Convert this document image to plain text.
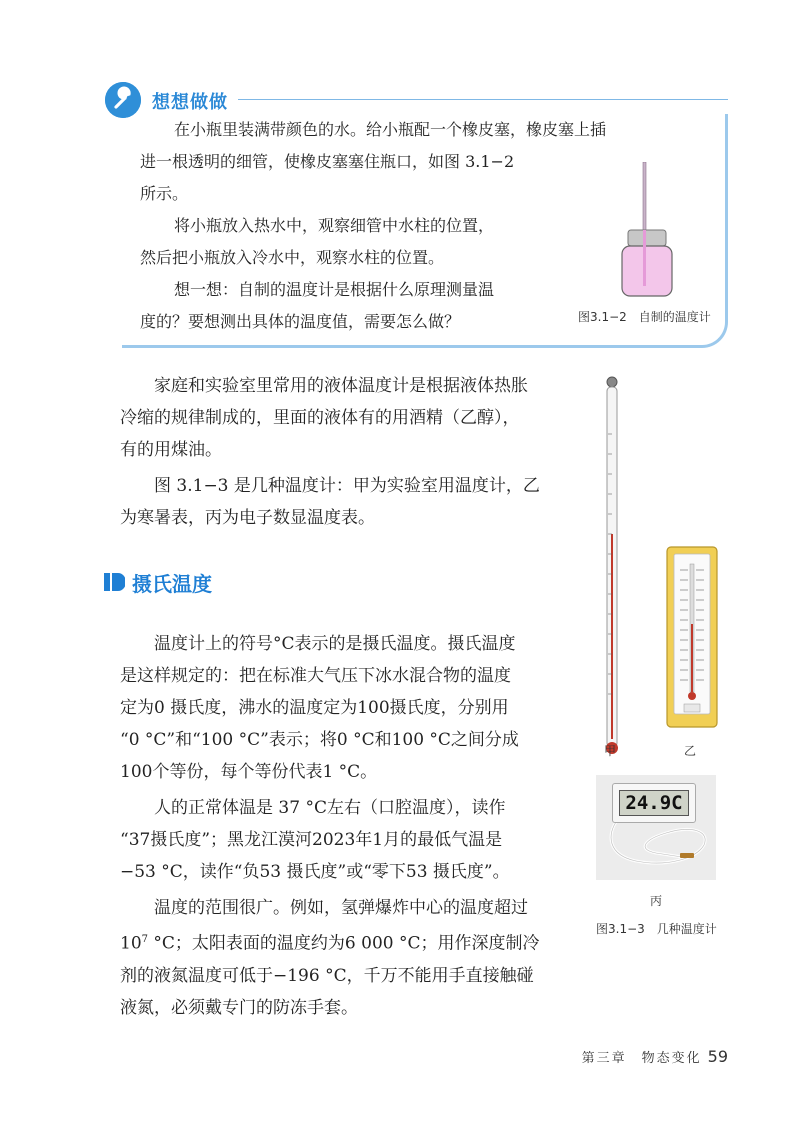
想想做做

在小瓶里装满带颜色的水。给小瓶配一个橡皮塞，橡皮塞上插

进一根透明的细管，使橡皮塞塞住瓶口，如图 3.1−2

所示。

将小瓶放入热水中，观察细管中水柱的位置，

然后把小瓶放入冷水中，观察水柱的位置。

想一想：自制的温度计是根据什么原理测量温

度的？要想测出具体的温度值，需要怎么做？	图3.1−2　自制的温度计

家庭和实验室里常用的液体温度计是根据液体热胀

冷缩的规律制成的，里面的液体有的用酒精（乙醇），

有的用煤油。

图 3.1−3 是几种温度计：甲为实验室用温度计，乙

为寒暑表，丙为电子数显温度表。

摄氏温度

温度计上的符号°C表示的是摄氏温度。摄氏温度

是这样规定的：把在标准大气压下冰水混合物的温度

定为0 摄氏度，沸水的温度定为100摄氏度，分别用

“0 °C”和“100 °C”表示；将0 °C和100 °C之间分成

100个等份，每个等份代表1 °C。

人的正常体温是 37 °C左右（口腔温度），读作

“37摄氏度”；黑龙江漠河2023年1月的最低气温是

−53 °C，读作“负53 摄氏度”或“零下53 摄氏度”。

温度的范围很广。例如，氢弹爆炸中心的温度超过

$10^7$ °C；太阳表面的温度约为6 000 °C；用作深度制冷

剂的液氮温度可低于−196 °C，千万不能用手直接触碰

液氮，必须戴专门的防冻手套。

甲	乙
24.9C
丙
图3.1−3　几种温度计
第三章　物态变化 59
